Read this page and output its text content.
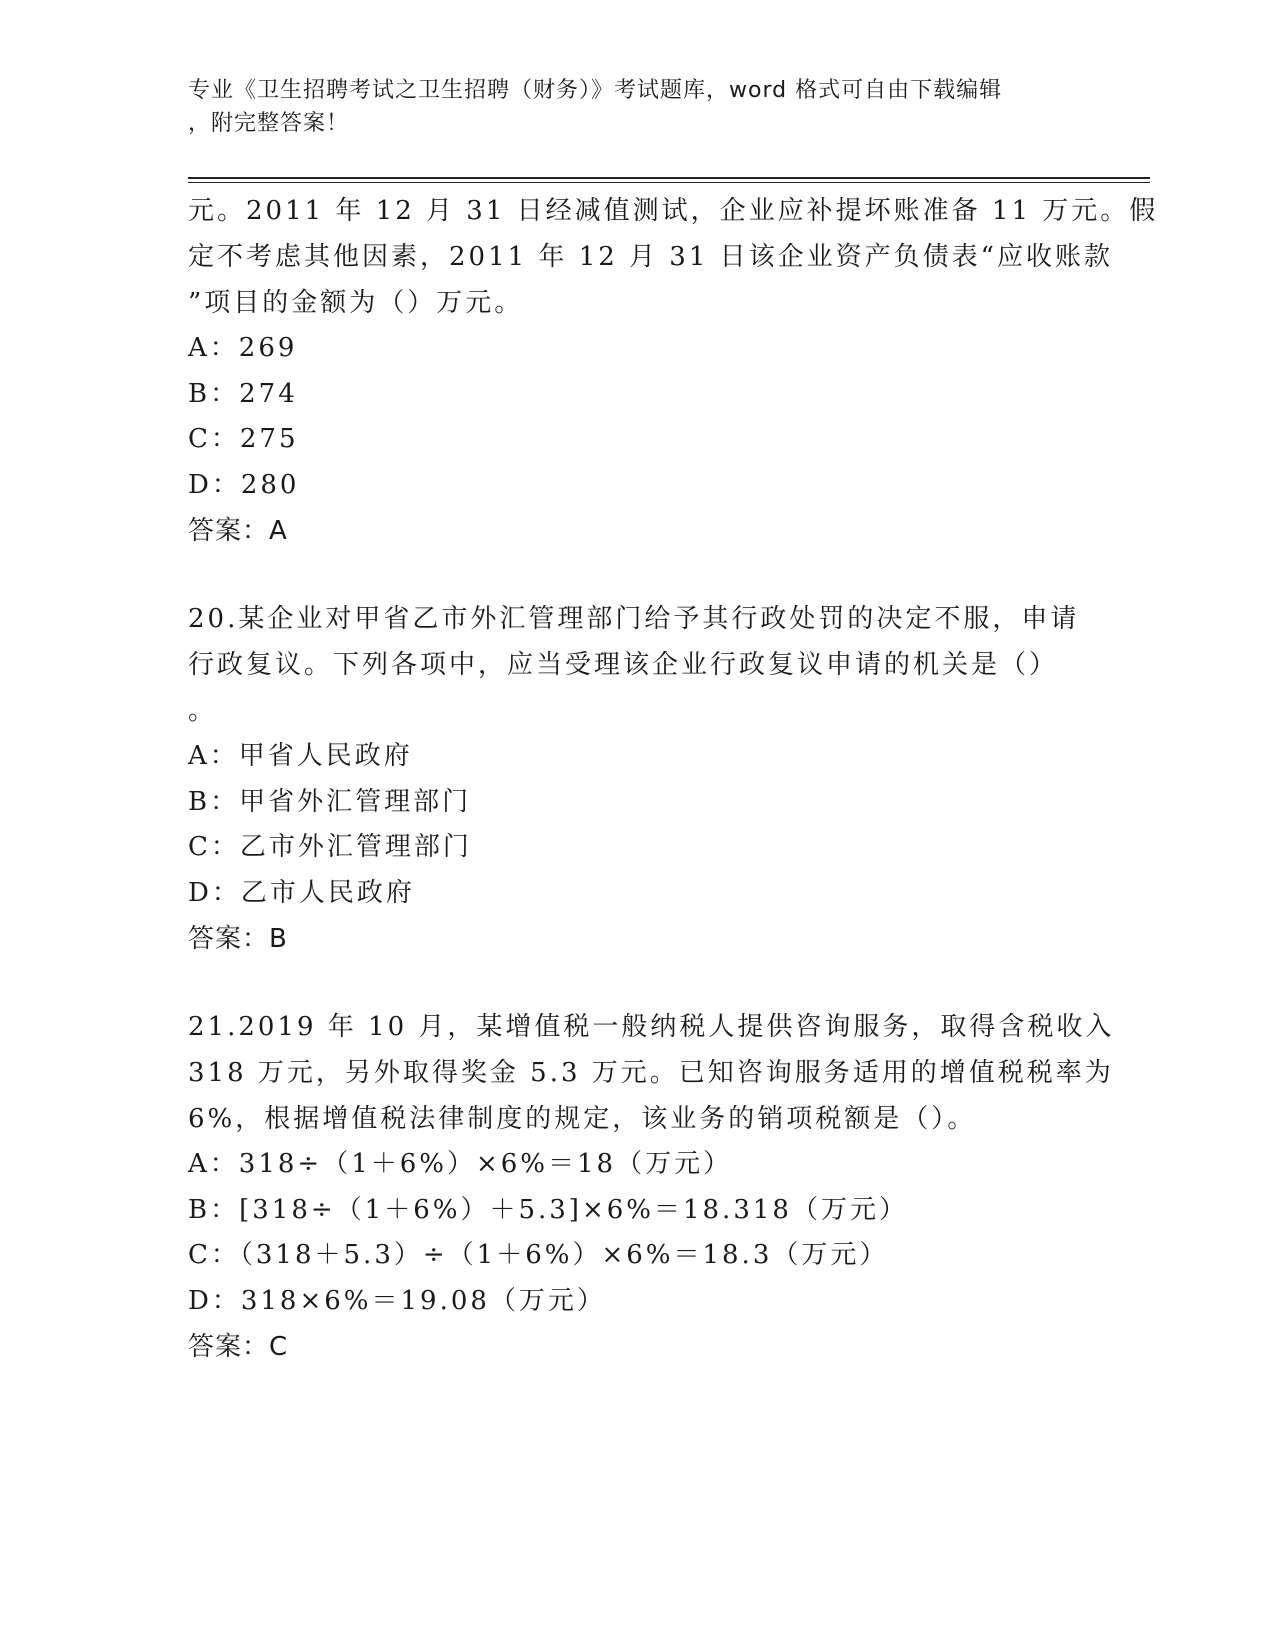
专业《卫生招聘考试之卫生招聘（财务）》考试题库，word 格式可自由下载编辑
，附完整答案！
元。2011 年 12 月 31 日经减值测试，企业应补提坏账准备 11 万元。假
定不考虑其他因素，2011 年 12 月 31 日该企业资产负债表“应收账款
”项目的金额为（）万元。
A：269
B：274
C：275
D：280
答案：A
20.某企业对甲省乙市外汇管理部门给予其行政处罚的决定不服，申请
行政复议。下列各项中，应当受理该企业行政复议申请的机关是（）
。
A：甲省人民政府
B：甲省外汇管理部门
C：乙市外汇管理部门
D：乙市人民政府
答案：B
21.2019 年 10 月，某增值税一般纳税人提供咨询服务，取得含税收入
318 万元，另外取得奖金 5.3 万元。已知咨询服务适用的增值税税率为
6%，根据增值税法律制度的规定，该业务的销项税额是（）。
A：318÷（1＋6%）×6%＝18（万元）
B：[318÷（1＋6%）＋5.3]×6%＝18.318（万元）
C：（318＋5.3）÷（1＋6%）×6%＝18.3（万元）
D：318×6%＝19.08（万元）
答案：C
